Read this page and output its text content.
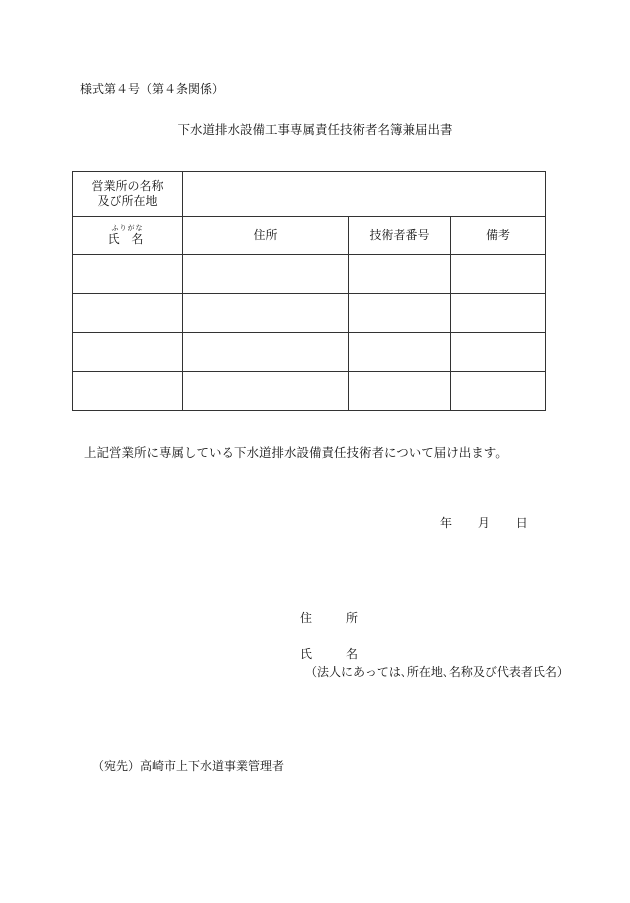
様式第４号（第４条関係）
下水道排水設備工事専属責任技術者名簿兼届出書
営業所の名称
及び所在地			

ふりがな
氏 名	住所	技術者番号	備考

上記営業所に専属している下水道排水設備責任技術者について届け出ます。
年 月 日
住	所
氏	名
（法人にあっては､所在地､名称及び代表者氏名）
（宛先）高崎市上下水道事業管理者
